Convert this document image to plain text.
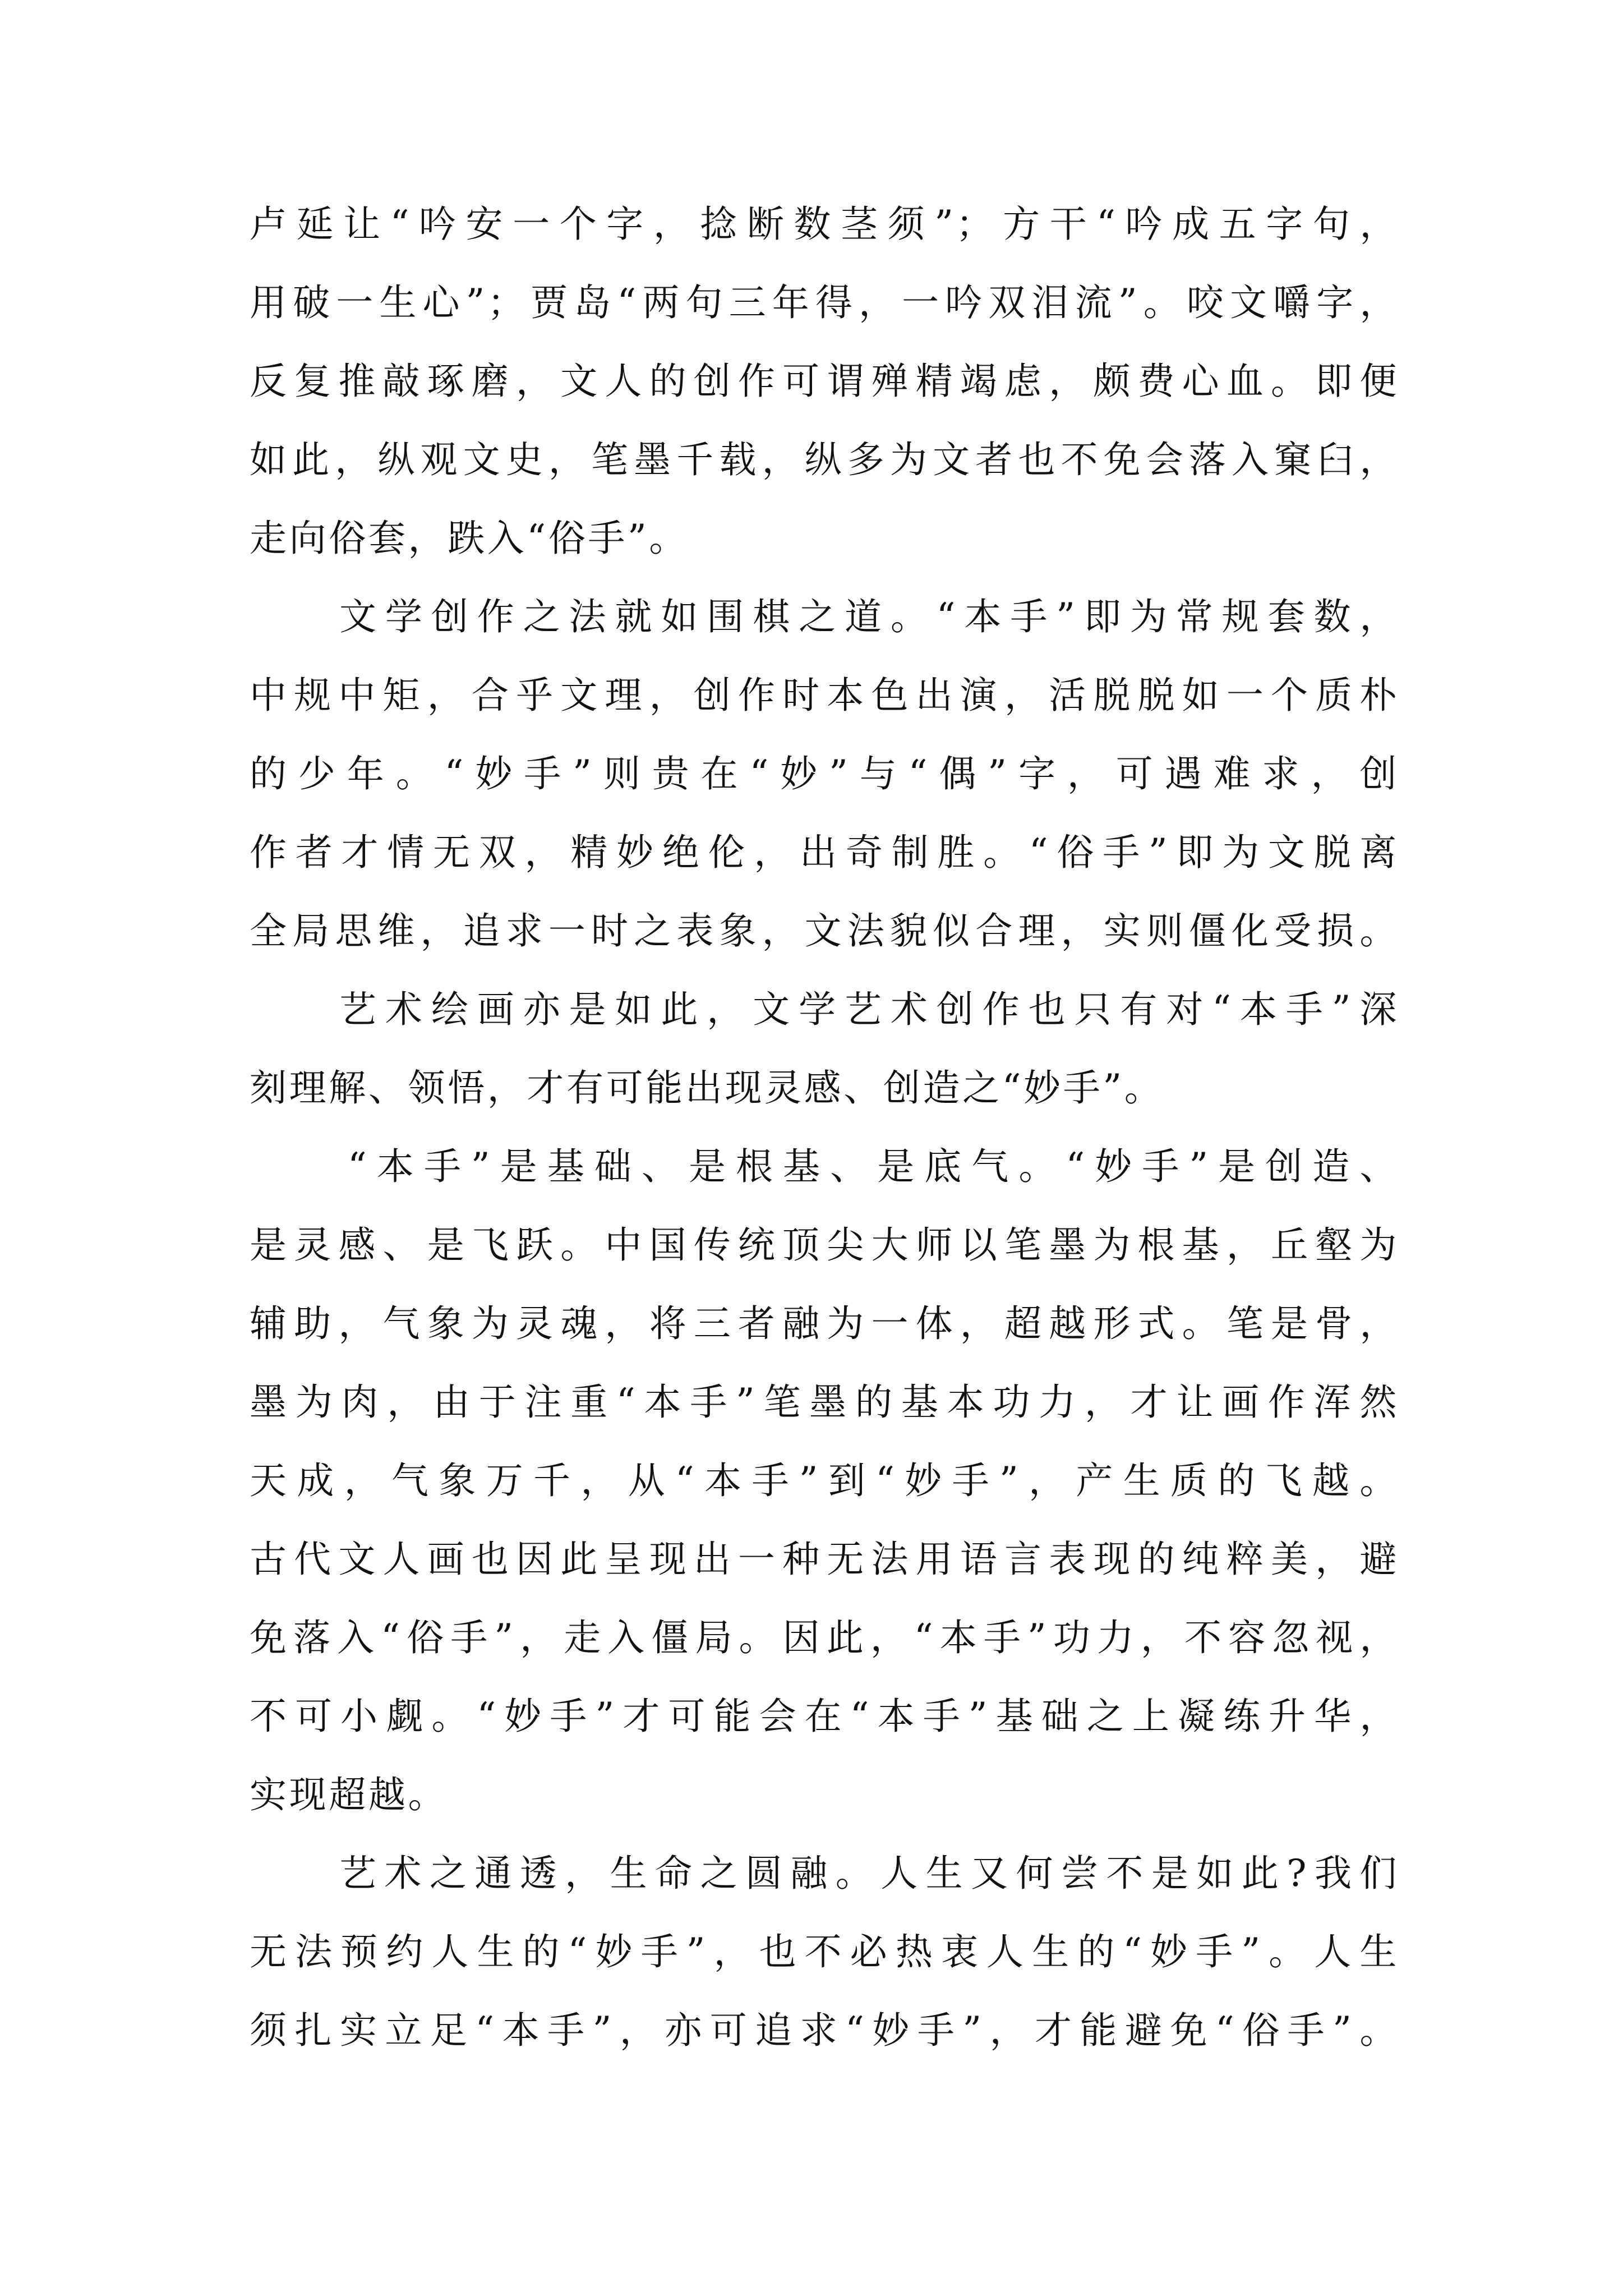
卢延让“吟安一个字，捻断数茎须”；方干“吟成五字句，
用破一生心”；贾岛“两句三年得，一吟双泪流”。咬文嚼字，
反复推敲琢磨，文人的创作可谓殚精竭虑，颇费心血。即便
如此，纵观文史，笔墨千载，纵多为文者也不免会落入窠臼，
走向俗套，跌入“俗手”。
文学创作之法就如围棋之道。“本手”即为常规套数，
中规中矩，合乎文理，创作时本色出演，活脱脱如一个质朴
的少年。“妙手”则贵在“妙”与“偶”字，可遇难求，创
作者才情无双，精妙绝伦，出奇制胜。“俗手”即为文脱离
全局思维，追求一时之表象，文法貌似合理，实则僵化受损。
艺术绘画亦是如此，文学艺术创作也只有对“本手”深
刻理解、领悟，才有可能出现灵感、创造之“妙手”。
“本手”是基础、是根基、是底气。“妙手”是创造、
是灵感、是飞跃。中国传统顶尖大师以笔墨为根基，丘壑为
辅助，气象为灵魂，将三者融为一体，超越形式。笔是骨，
墨为肉，由于注重“本手”笔墨的基本功力，才让画作浑然
天成，气象万千，从“本手”到“妙手”，产生质的飞越。
古代文人画也因此呈现出一种无法用语言表现的纯粹美，避
免落入“俗手”，走入僵局。因此，“本手”功力，不容忽视，
不可小觑。“妙手”才可能会在“本手”基础之上凝练升华，
实现超越。
艺术之通透，生命之圆融。人生又何尝不是如此?我们
无法预约人生的“妙手”，也不必热衷人生的“妙手”。人生
须扎实立足“本手”，亦可追求“妙手”，才能避免“俗手”。
